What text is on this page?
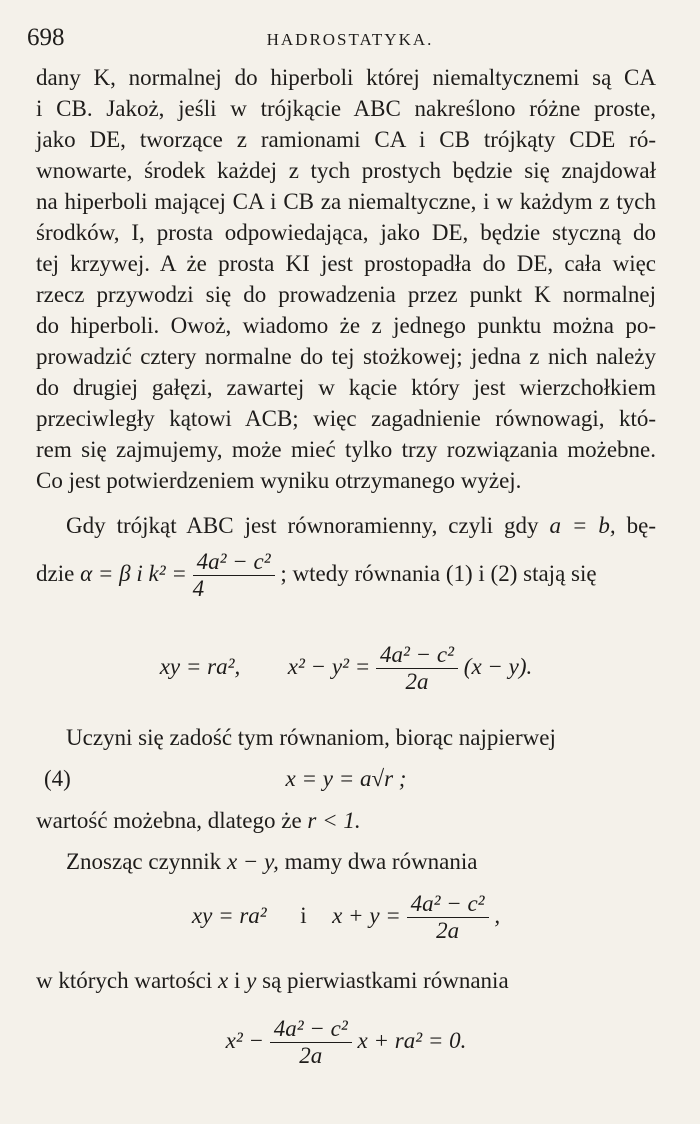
698	HADROSTATYKA.

dany K, normalnej do hiperboli której niemaltycznemi są CA
i CB. Jakoż, jeśli w trójkącie ABC nakreślono różne proste,
jako DE, tworzące z ramionami CA i CB trójkąty CDE ró-
wnowarte, środek każdej z tych prostych będzie się znajdował
na hiperboli mającej CA i CB za niemaltyczne, i w każdym z tych
środków, I, prosta odpowiedająca, jako DE, będzie styczną do
tej krzywej. A że prosta KI jest prostopadła do DE, cała więc
rzecz przywodzi się do prowadzenia przez punkt K normalnej
do hiperboli. Owoż, wiadomo że z jednego punktu można po-
prowadzić cztery normalne do tej stożkowej; jedna z nich należy
do drugiej gałęzi, zawartej w kącie który jest wierzchołkiem
przeciwległy kątowi ACB; więc zagadnienie równowagi, któ-
rem się zajmujemy, może mieć tylko trzy rozwiązania możebne.
Co jest potwierdzeniem wyniku otrzymanego wyżej.

Gdy trójkąt ABC jest równoramienny, czyli gdy a = b, bę-
dzie α = β i $k^2 = \frac{\text{4a² − c²}}{4}$ ; wtedy równania (1) i (2) stają się

xy = ra², $x^2 - y^2 = \frac{\text{4a² − c²}}{2a} (x - y)$.

Uczyni się zadość tym równaniom, biorąc najpierwej

(4)	x = y = a√r ;

wartość możebna, dlatego że r < 1.

Znosząc czynnik x − y, mamy dwa równania

xy = ra² i $x + y = \frac{\text{4a² − c²}}{2a}$ ,

w których wartości x i y są pierwiastkami równania

$x^2 - \frac{\text{4a² − c²}}{2a}$ x + ra² = 0.
